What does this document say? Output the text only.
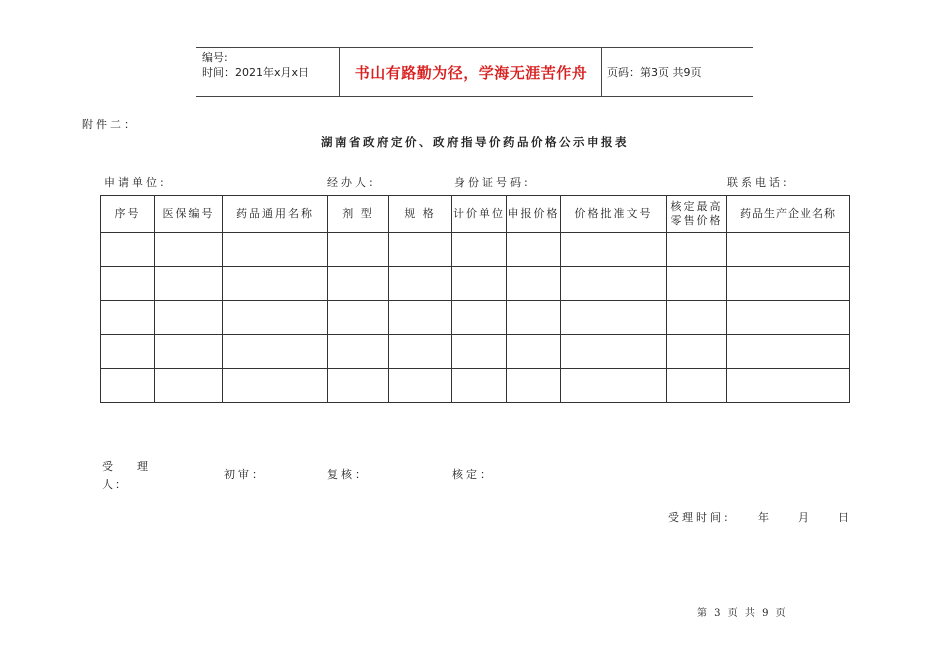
编号:
时间：2021年x月x日	书山有路勤为径，学海无涯苦作舟	页码：第3页 共9页
附件二：
湖南省政府定价、政府指导价药品价格公示申报表
申请单位:	经办人:	身份证号码:	联系电话:
序号	医保编号	药品通用名称	剂 型	规 格	计价单位	申报价格	价格批准文号	核定最高零售价格	药品生产企业名称

受    理
人：
初审：	复核：	核定：
受理时间: 年	月	日
第 3 页 共 9 页
